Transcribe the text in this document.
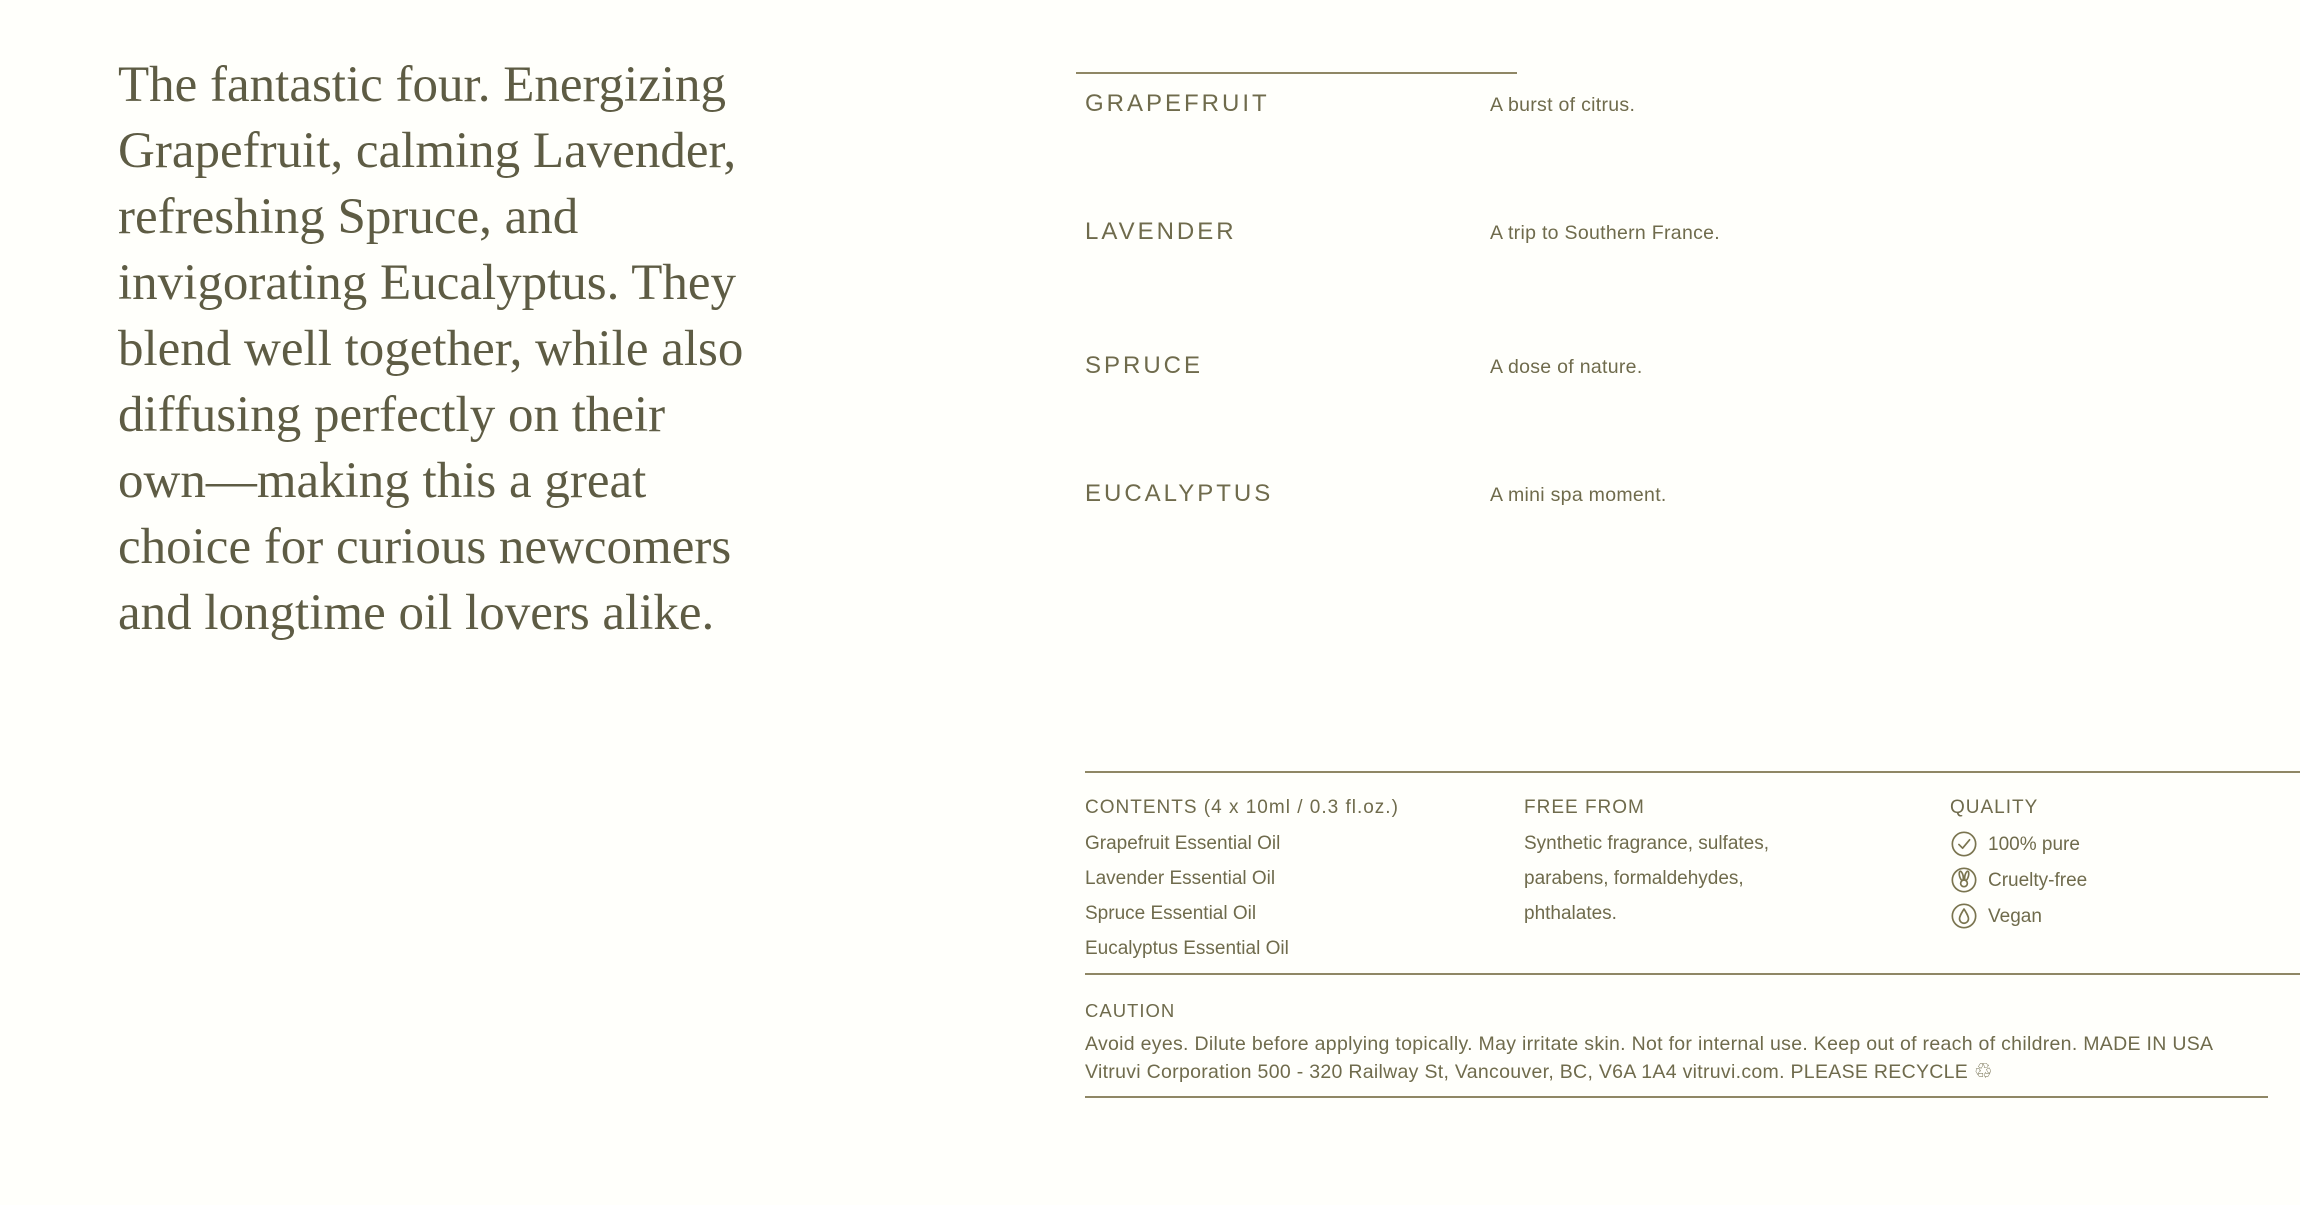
The fantastic four. Energizing
Grapefruit, calming Lavender,
refreshing Spruce, and
invigorating Eucalyptus. They
blend well together, while also
diffusing perfectly on their
own—making this a great
choice for curious newcomers
and longtime oil lovers alike.
GRAPEFRUIT	A burst of citrus.
LAVENDER	A trip to Southern France.
SPRUCE	A dose of nature.
EUCALYPTUS	A mini spa moment.
CONTENTS (4 x 10ml / 0.3 fl.oz.)
Grapefruit Essential Oil
Lavender Essential Oil
Spruce Essential Oil
Eucalyptus Essential Oil
FREE FROM
Synthetic fragrance, sulfates,
parabens, formaldehydes,
phthalates.
QUALITY
100% pure
Cruelty-free
Vegan
CAUTION
Avoid eyes. Dilute before applying topically. May irritate skin. Not for internal use. Keep out of reach of children. MADE IN USA
Vitruvi Corporation 500 - 320 Railway St, Vancouver, BC, V6A 1A4 vitruvi.com. PLEASE RECYCLE ♲
